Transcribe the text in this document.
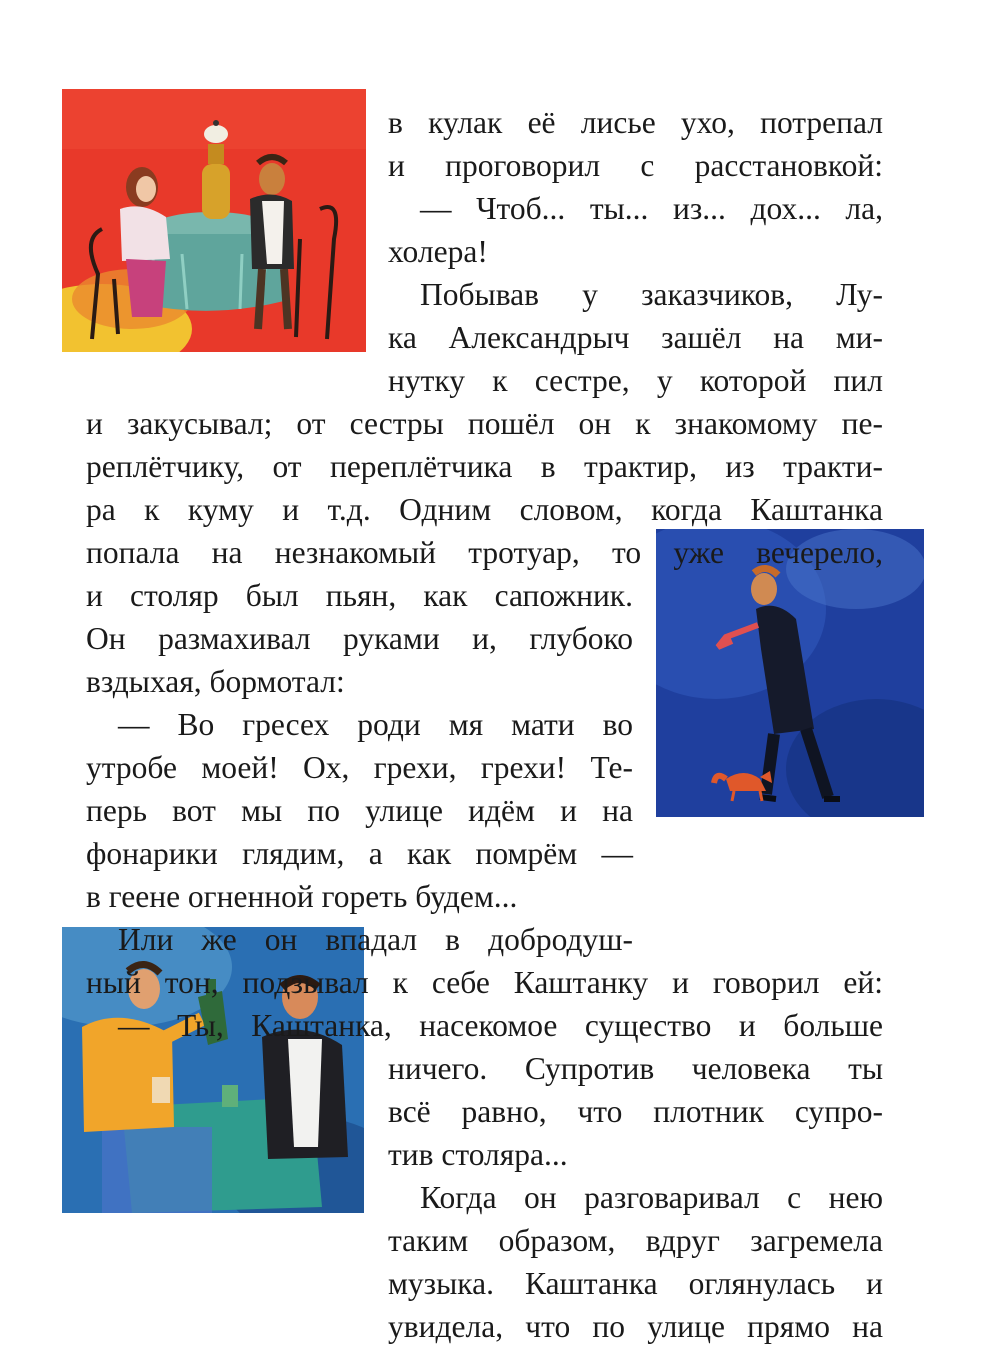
в кулак её лисье ухо, потрепал
и проговорил с расстановкой:
— Чтоб... ты... из... дох... ла,
холера!
Побывав у заказчиков, Лу-
ка Александрыч зашёл на ми-
нутку к сестре, у которой пил
и закусывал; от сестры пошёл он к знакомому пе-
реплётчику, от переплётчика в трактир, из тракти-
ра к куму и т.д. Одним словом, когда Каштанка
попала на незнакомый тротуар, то уже вечерело,
и столяр был пьян, как сапожник.
Он размахивал руками и, глубоко
вздыхая, бормотал:
— Во гресех роди мя мати во
утробе моей! Ох, грехи, грехи! Те-
перь вот мы по улице идём и на
фонарики глядим, а как помрём —
в геене огненной гореть будем...
Или же он впадал в добродуш-
ный тон, подзывал к себе Каштанку и говорил ей:
— Ты, Каштанка, насекомое существо и больше
ничего. Супротив человека ты
всё равно, что плотник супро-
тив столяра...
Когда он разговаривал с нею
таким образом, вдруг загремела
музыка. Каштанка оглянулась и
увидела, что по улице прямо на
